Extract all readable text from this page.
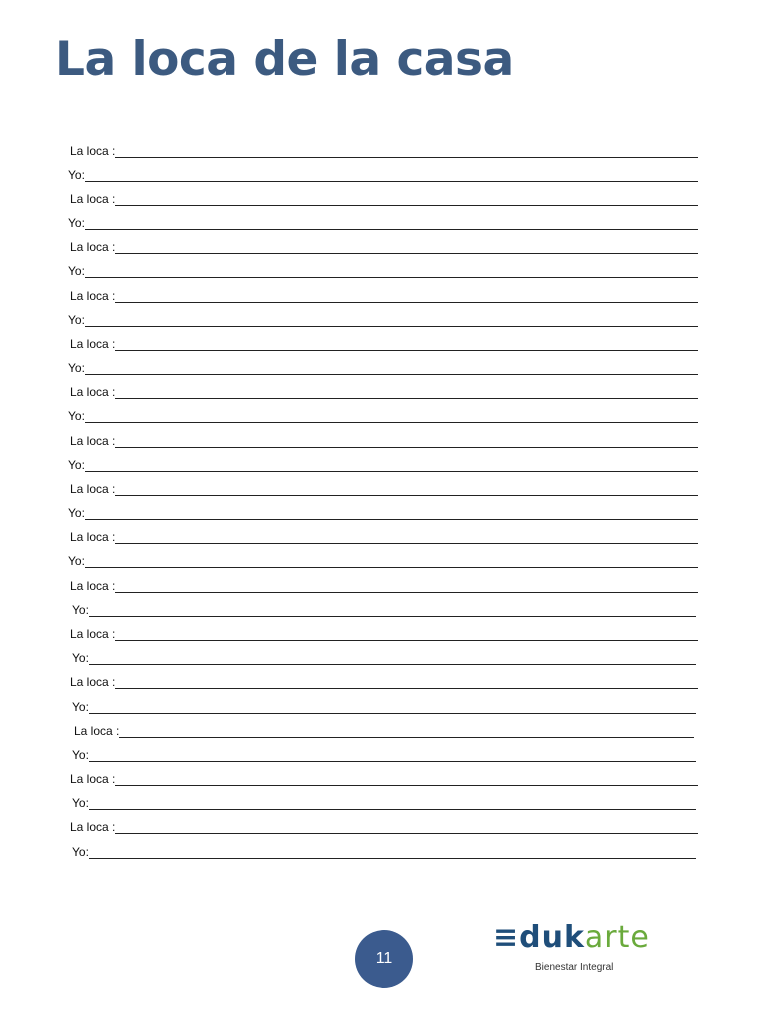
La loca de la casa
La loca :
Yo:
La loca :
Yo:
La loca :
Yo:
La loca :
Yo:
La loca :
Yo:
La loca :
Yo:
La loca :
Yo:
La loca :
Yo:
La loca :
Yo:
La loca :
Yo:
La loca :
Yo:
La loca :
Yo:
La loca :
Yo:
La loca :
Yo:
La loca :
Yo:
11
≡dukarte
Bienestar Integral
